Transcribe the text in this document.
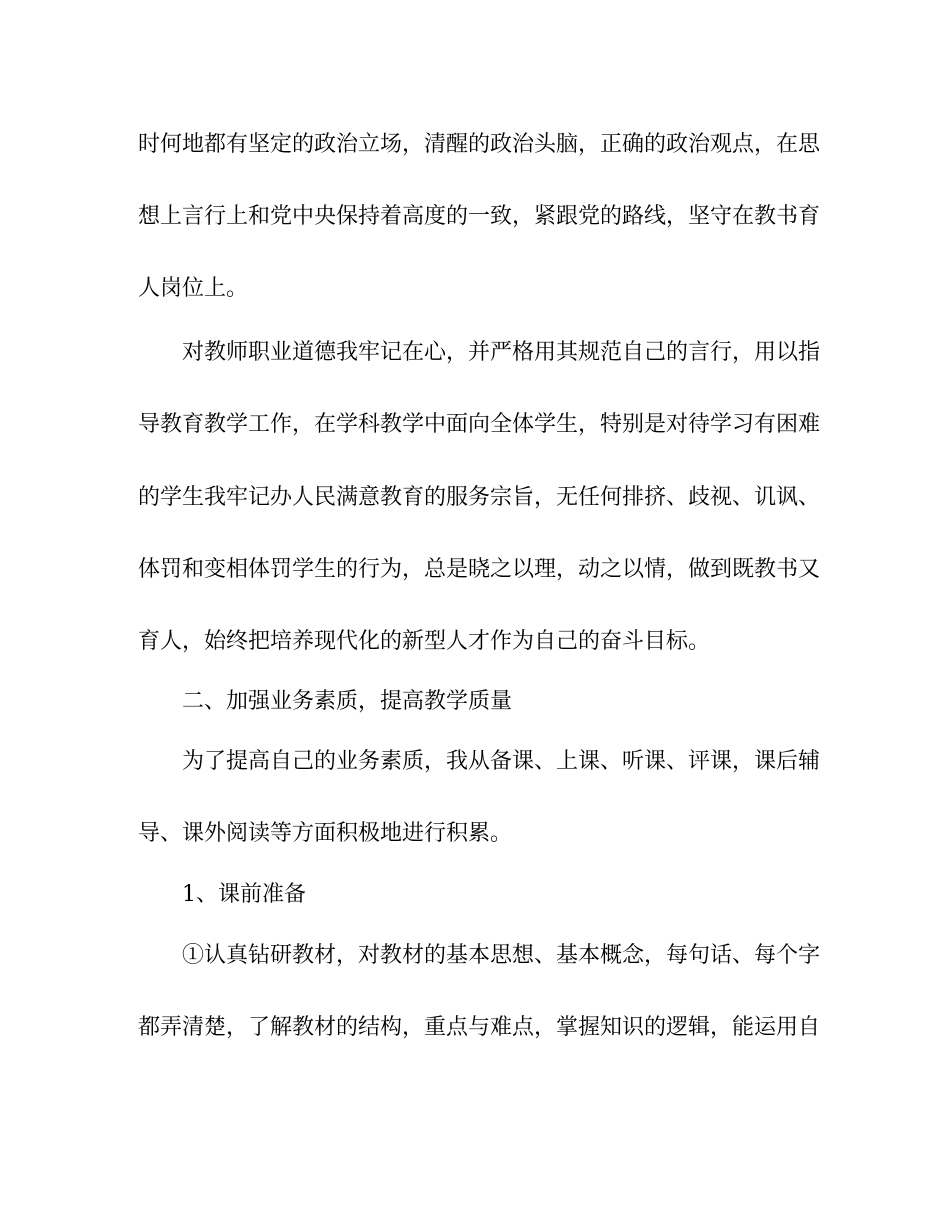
时何地都有坚定的政治立场，清醒的政治头脑，正确的政治观点，在思
想上言行上和党中央保持着高度的一致，紧跟党的路线，坚守在教书育
人岗位上。
对教师职业道德我牢记在心，并严格用其规范自己的言行，用以指
导教育教学工作，在学科教学中面向全体学生，特别是对待学习有困难
的学生我牢记办人民满意教育的服务宗旨，无任何排挤、歧视、讥讽、
体罚和变相体罚学生的行为，总是晓之以理，动之以情，做到既教书又
育人，始终把培养现代化的新型人才作为自己的奋斗目标。
二、加强业务素质，提高教学质量
为了提高自己的业务素质，我从备课、上课、听课、评课，课后辅
导、课外阅读等方面积极地进行积累。
1、课前准备
①认真钻研教材，对教材的基本思想、基本概念，每句话、每个字
都弄清楚，了解教材的结构，重点与难点，掌握知识的逻辑，能运用自
